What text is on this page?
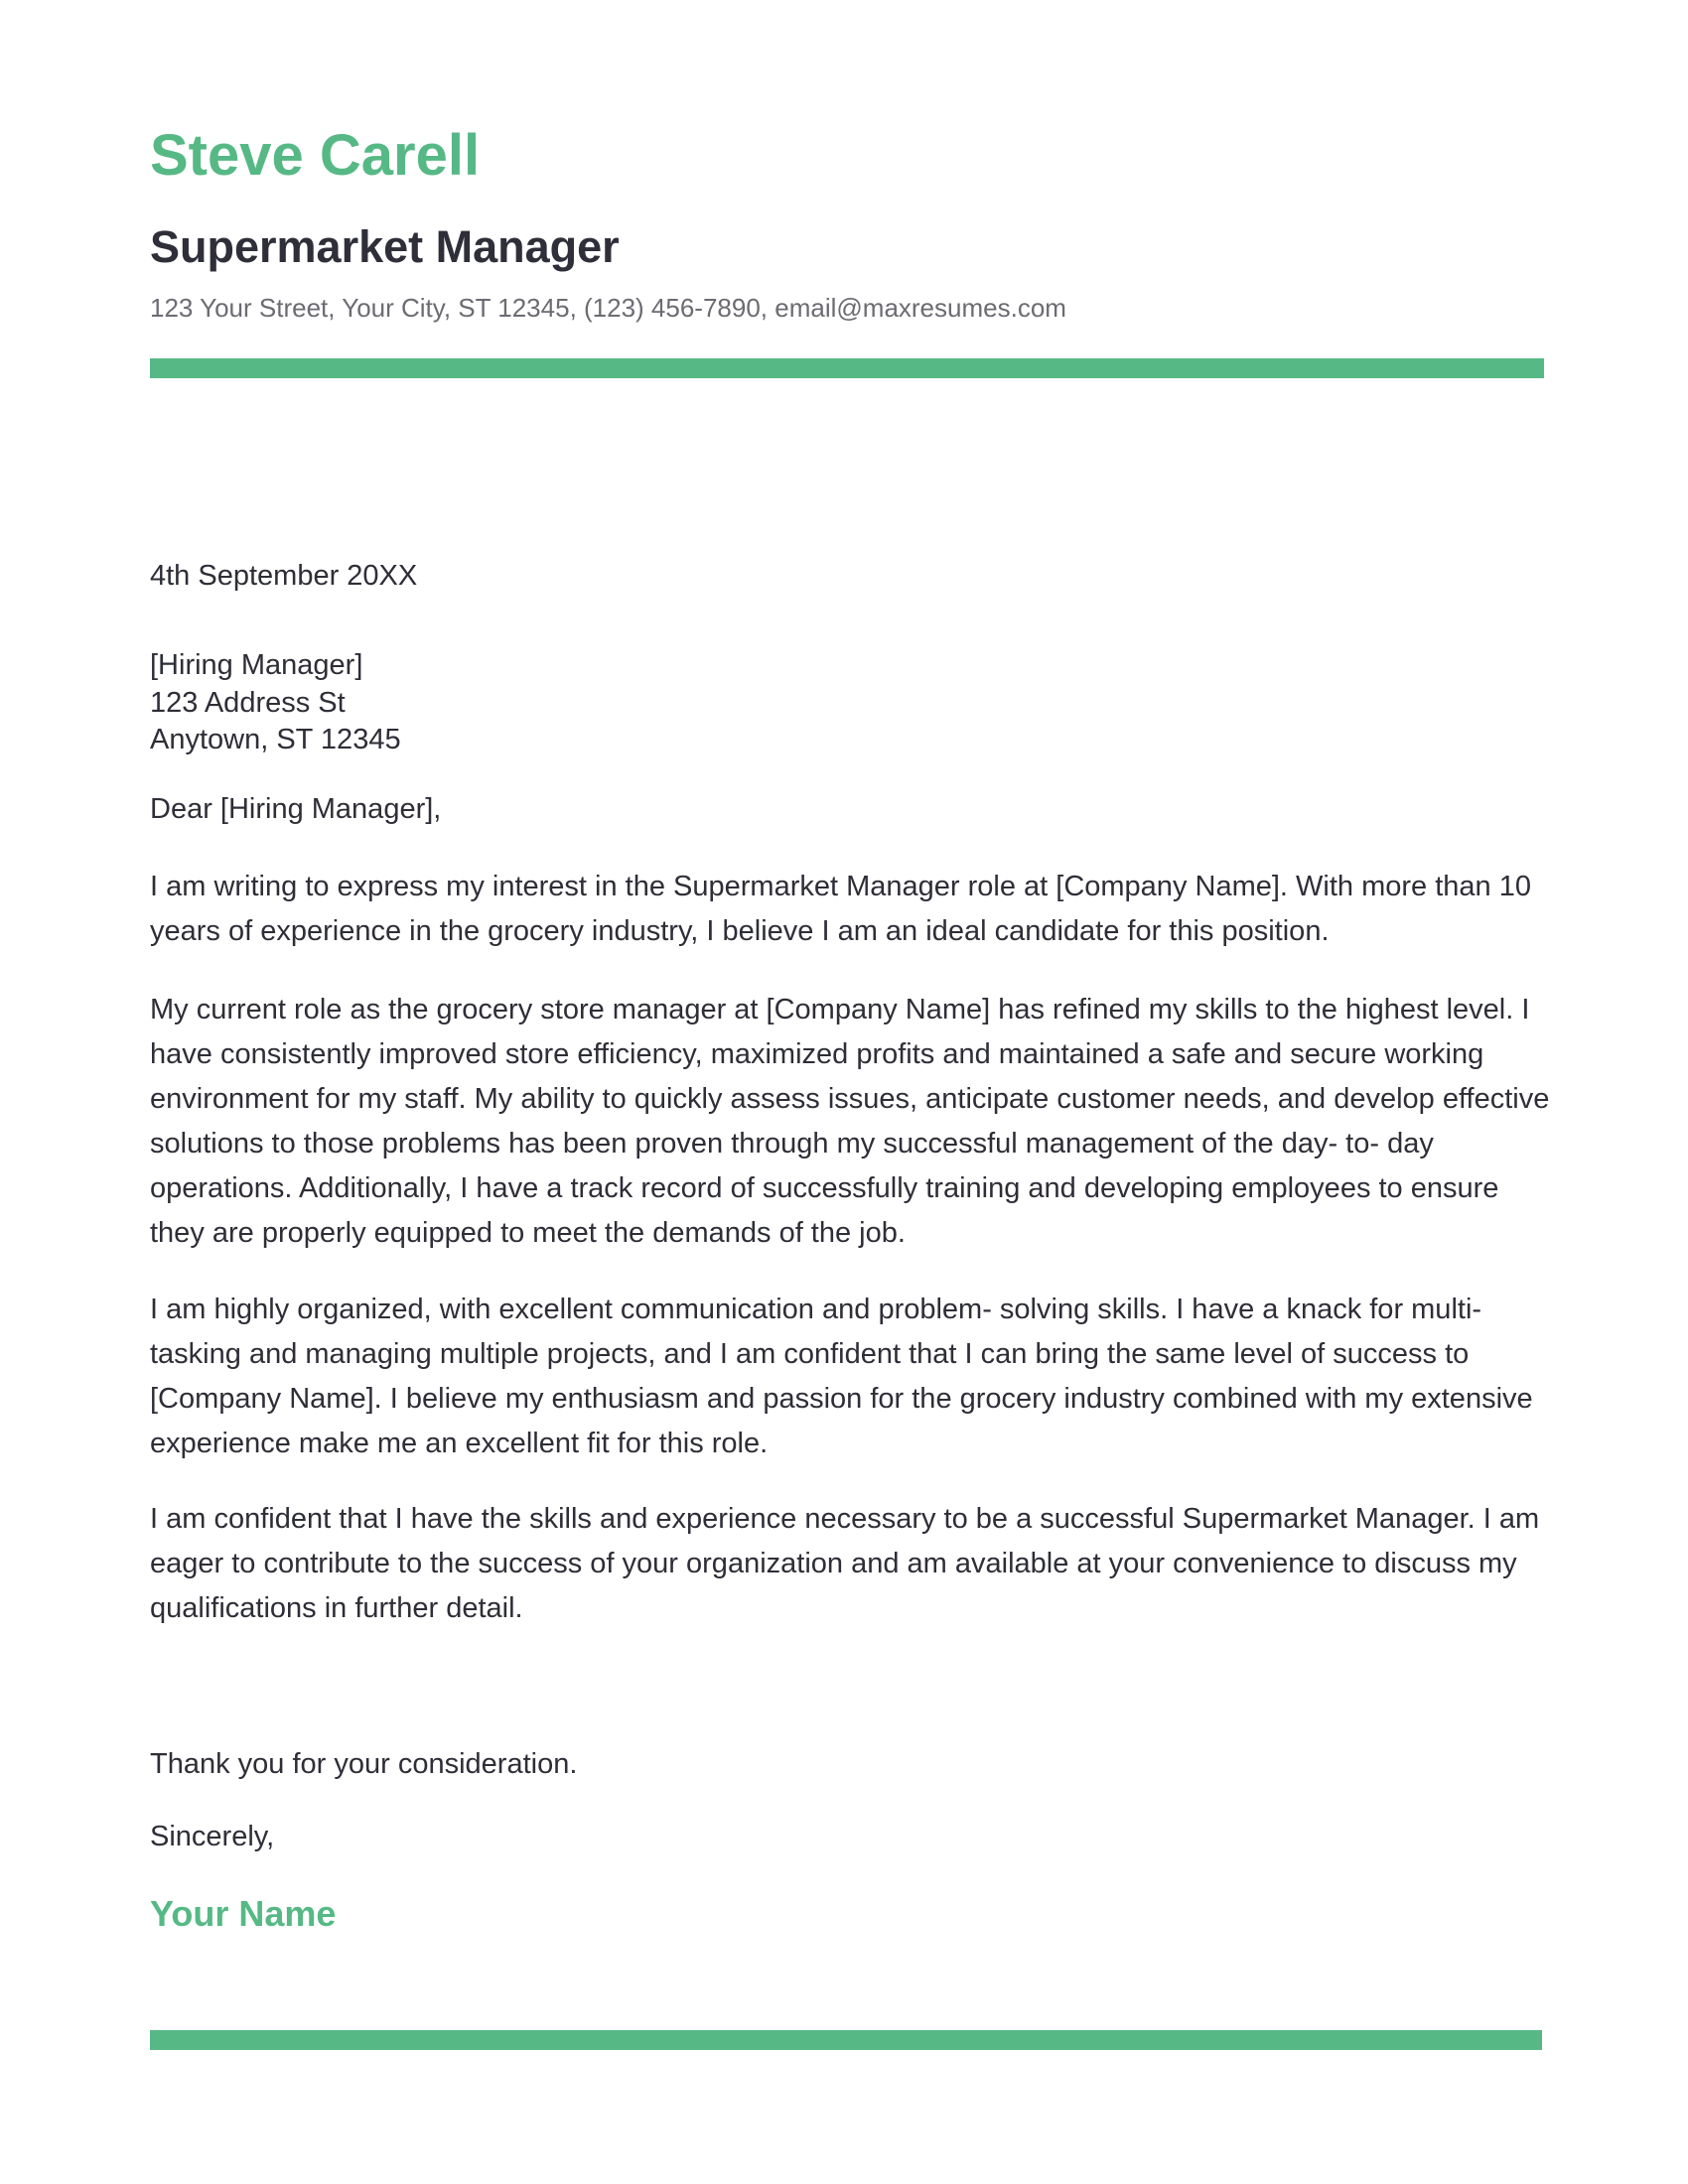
Steve Carell
Supermarket Manager
123 Your Street, Your City, ST 12345, (123) 456-7890, email@maxresumes.com
4th September 20XX
[Hiring Manager]
123 Address St
Anytown, ST 12345
Dear [Hiring Manager],

I am writing to express my interest in the Supermarket Manager role at [Company Name]. With more than 10 years of experience in the grocery industry, I believe I am an ideal candidate for this position.

My current role as the grocery store manager at [Company Name] has refined my skills to the highest level. I have consistently improved store efficiency, maximized profits and maintained a safe and secure working environment for my staff. My ability to quickly assess issues, anticipate customer needs, and develop effective solutions to those problems has been proven through my successful management of the day- to- day operations. Additionally, I have a track record of successfully training and developing employees to ensure they are properly equipped to meet the demands of the job.

I am highly organized, with excellent communication and problem- solving skills. I have a knack for multi-tasking and managing multiple projects, and I am confident that I can bring the same level of success to [Company Name]. I believe my enthusiasm and passion for the grocery industry combined with my extensive experience make me an excellent fit for this role.

I am confident that I have the skills and experience necessary to be a successful Supermarket Manager. I am eager to contribute to the success of your organization and am available at your convenience to discuss my qualifications in further detail.

Thank you for your consideration.
Sincerely,
Your Name
